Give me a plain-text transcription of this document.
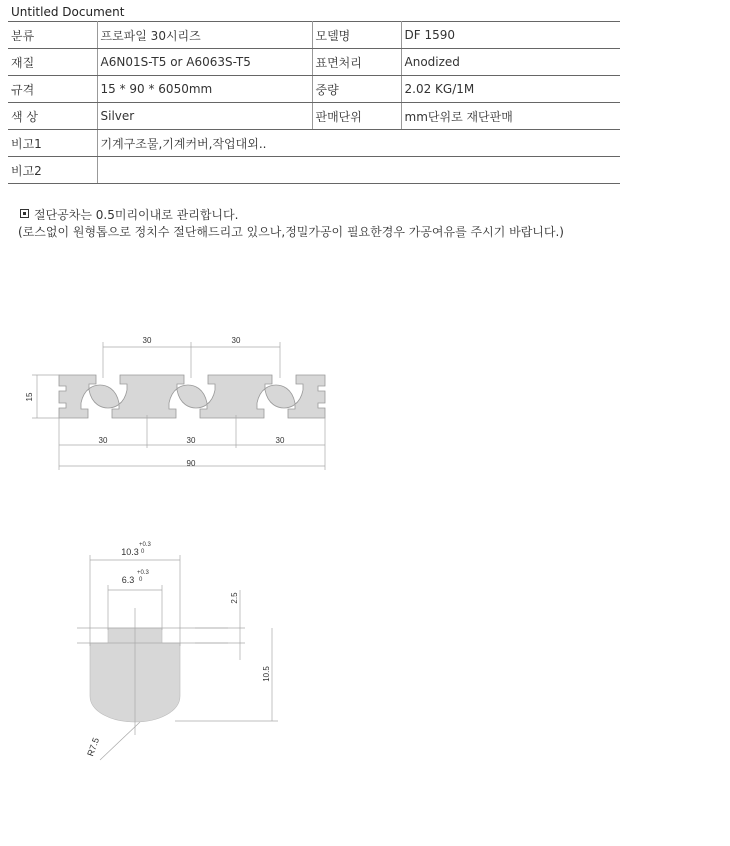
Untitled Document
분류	프로파일 30시리즈	모델명	DF 1590
재질	A6N01S-T5 or A6063S-T5	표면처리	Anodized
규격	15 * 90 * 6050mm	중량	2.02 KG/1M
색 상	Silver	판매단위	mm단위로 재단판매
비고1	기계구조물,기계커버,작업대외..		
비고2			
절단공차는 0.5미리이내로 관리합니다.
(로스없이 원형톱으로 정치수 절단해드리고 있으나,정밀가공이 필요한경우 가공여유를 주시기 바랍니다.)
30	30
15
30	30	30
90
10.3
+0.3
0
6.3
+0.3
0
2.5
10.5
R7.5
